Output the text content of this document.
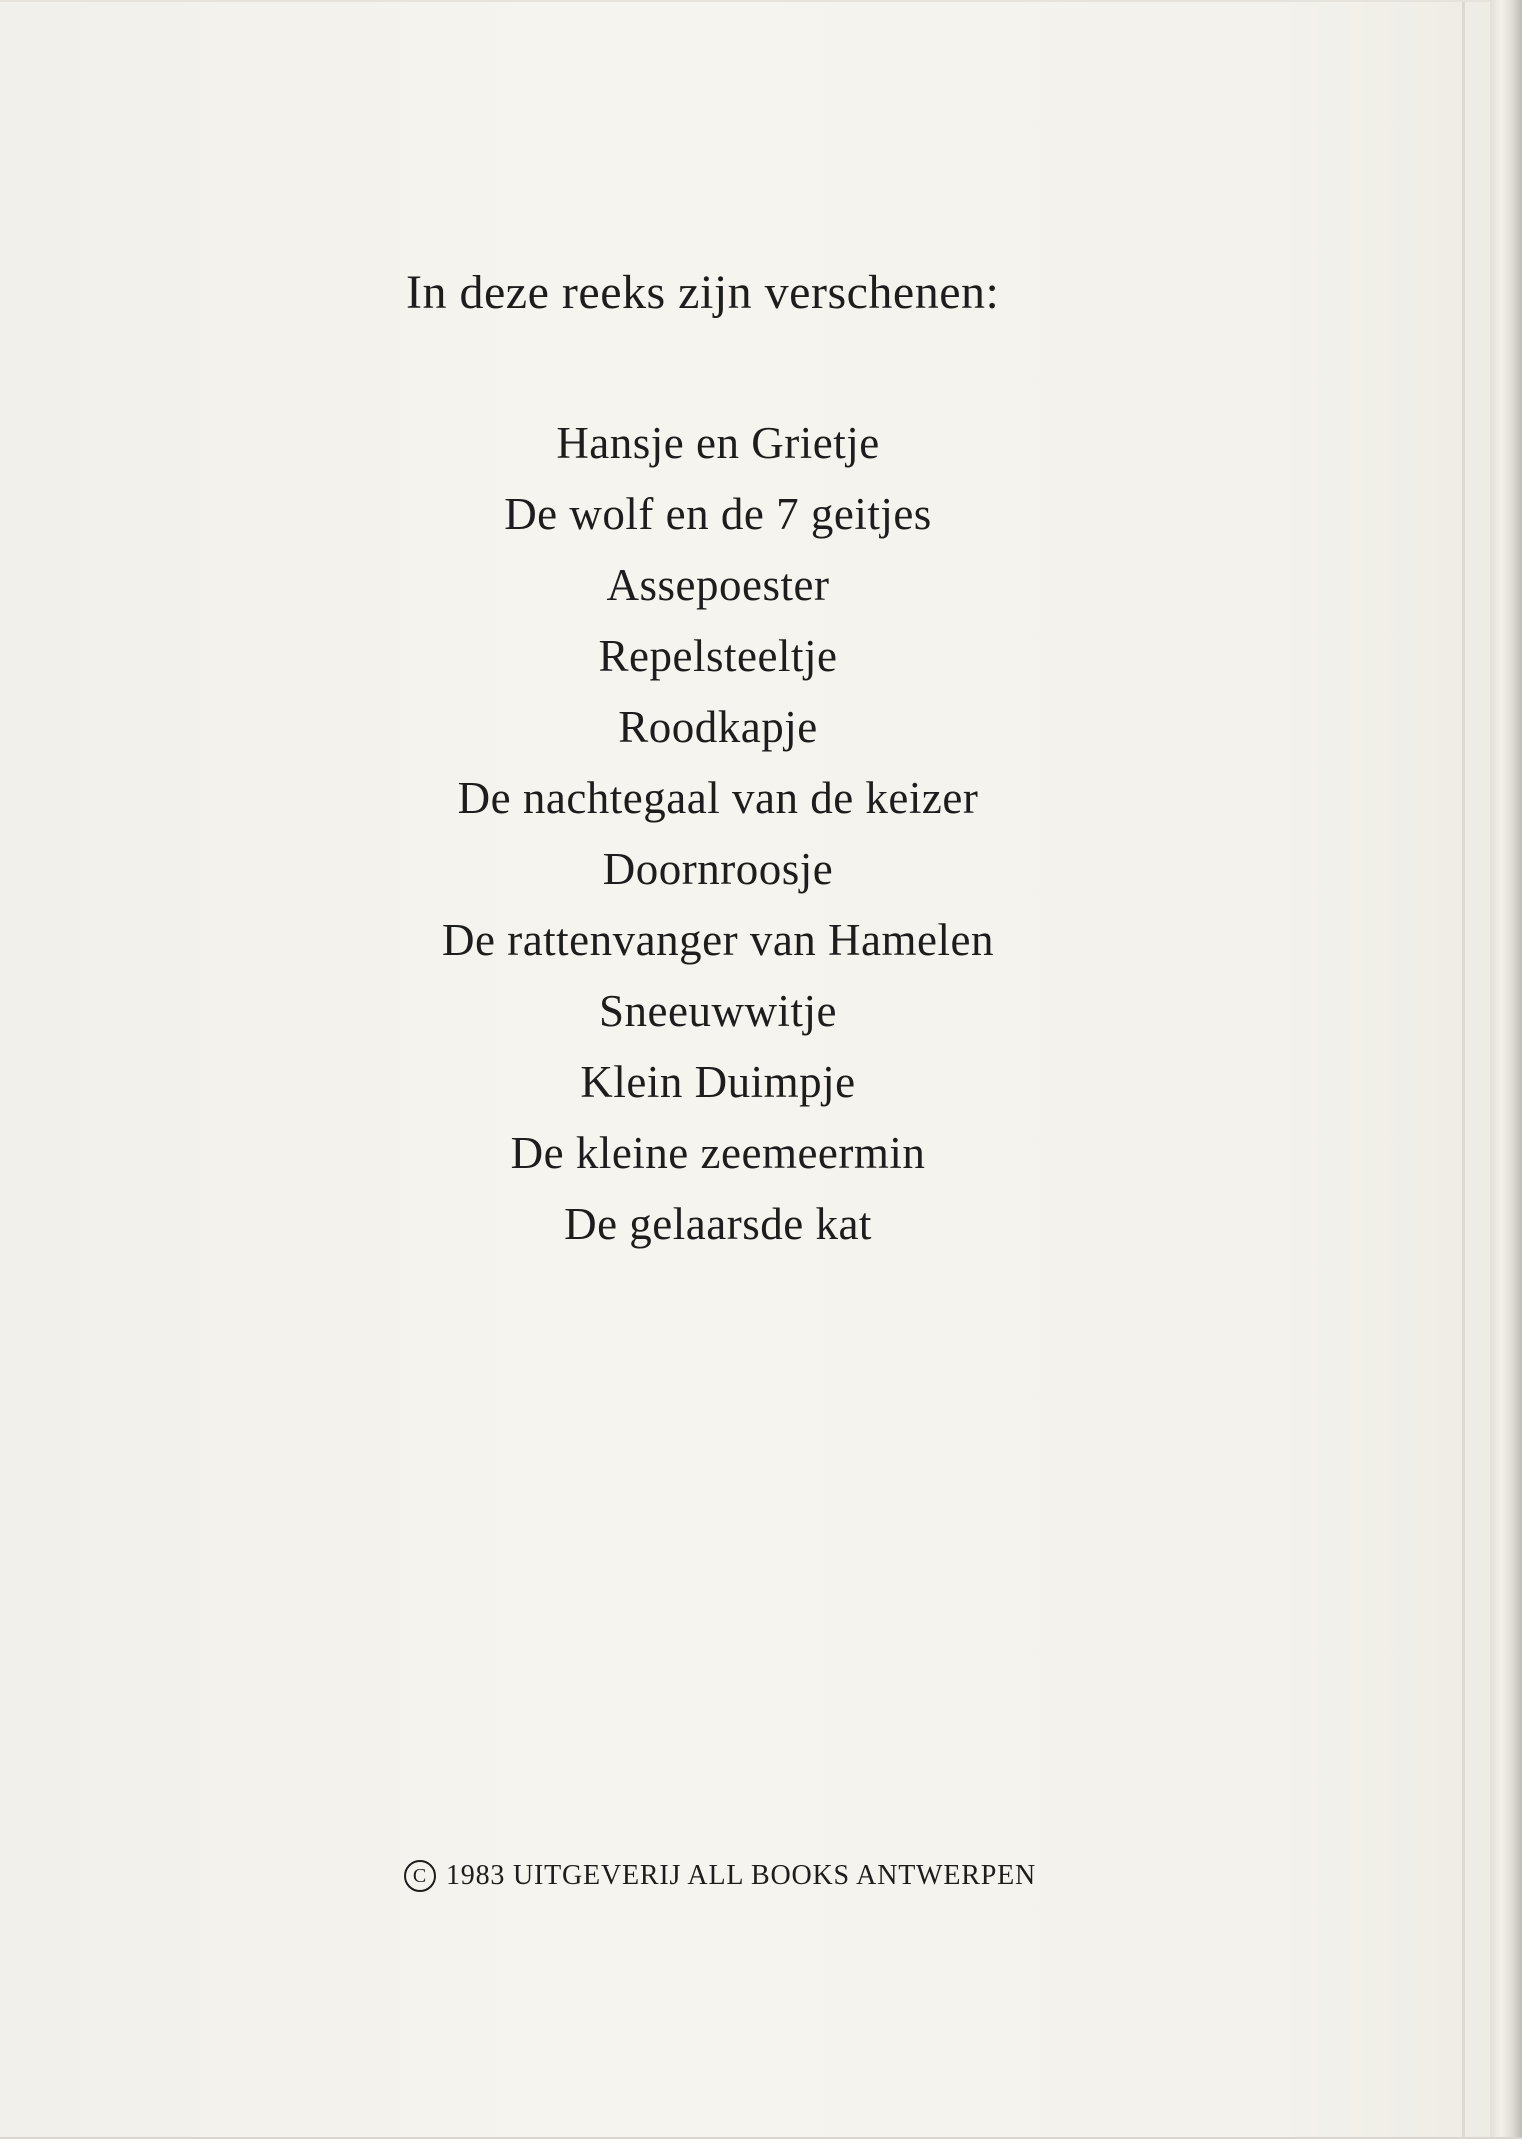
In deze reeks zijn verschenen:
Hansje en Grietje
De wolf en de 7 geitjes
Assepoester
Repelsteeltje
Roodkapje
De nachtegaal van de keizer
Doornroosje
De rattenvanger van Hamelen
Sneeuwwitje
Klein Duimpje
De kleine zeemeermin
De gelaarsde kat
C 1983 UITGEVERIJ ALL BOOKS ANTWERPEN
